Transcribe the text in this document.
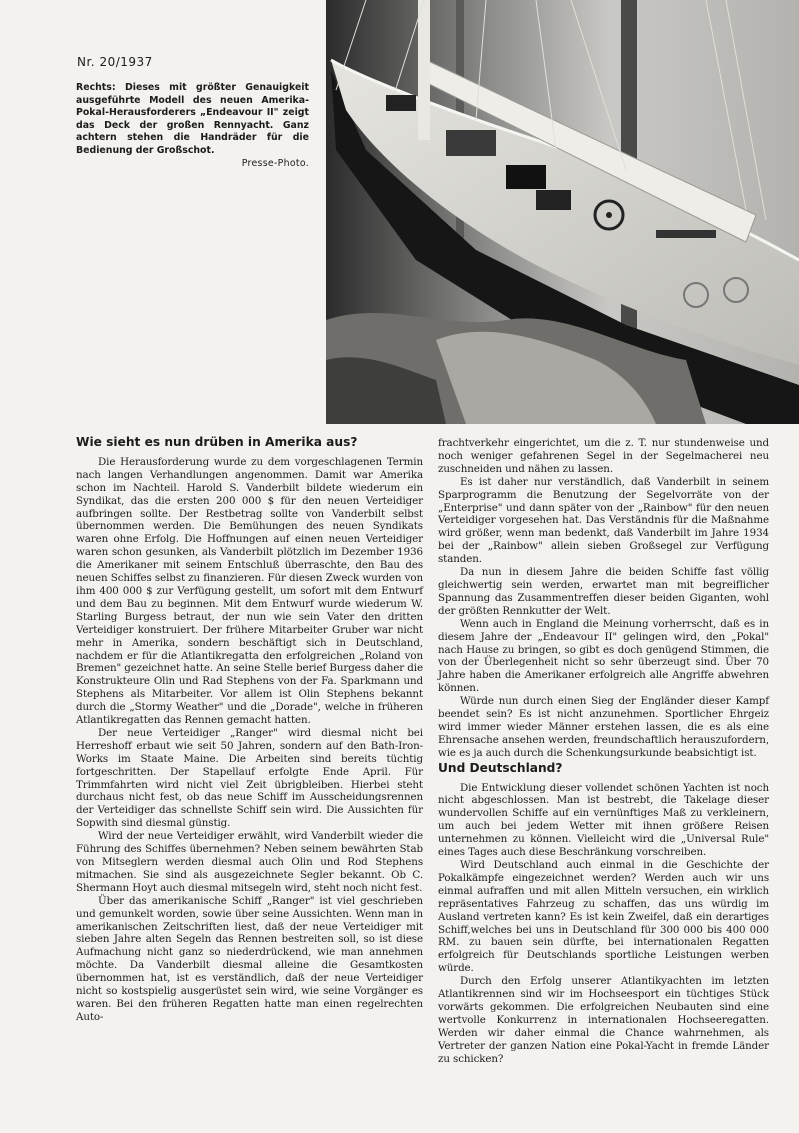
Nr. 20/1937
Rechts: Dieses mit größter Genauigkeit ausgeführte Modell des neuen Amerika-Pokal-Herausforderers „Endeavour II" zeigt das Deck der großen Rennyacht. Ganz achtern stehen die Handräder für die Bedienung der Großschot.
Presse-Photo.
Wie sieht es nun drüben in Amerika aus?

Die Herausforderung wurde zu dem vorgeschlagenen Termin nach langen Verhandlungen angenommen. Damit war Amerika schon im Nachteil. Harold S. Vanderbilt bildete wiederum ein Syndikat, das die ersten 200 000 $ für den neuen Verteidiger aufbringen sollte. Der Restbetrag sollte von Vanderbilt selbst übernommen werden. Die Bemühungen des neuen Syndikats waren ohne Erfolg. Die Hoffnungen auf einen neuen Verteidiger waren schon gesunken, als Vanderbilt plötzlich im Dezember 1936 die Amerikaner mit seinem Entschluß überraschte, den Bau des neuen Schiffes selbst zu finanzieren. Für diesen Zweck wurden von ihm 400 000 $ zur Verfügung gestellt, um sofort mit dem Entwurf und dem Bau zu beginnen. Mit dem Entwurf wurde wiederum W. Starling Burgess betraut, der nun wie sein Vater den dritten Verteidiger konstruiert. Der frühere Mitarbeiter Gruber war nicht mehr in Amerika, sondern beschäftigt sich in Deutschland, nachdem er für die Atlantikregatta den erfolgreichen „Roland von Bremen" gezeichnet hatte. An seine Stelle berief Burgess daher die Konstrukteure Olin und Rad Stephens von der Fa. Sparkmann und Stephens als Mitarbeiter. Vor allem ist Olin Stephens bekannt durch die „Stormy Weather" und die „Dorade", welche in früheren Atlantikregatten das Rennen gemacht hatten.

Der neue Verteidiger „Ranger" wird diesmal nicht bei Herreshoff erbaut wie seit 50 Jahren, sondern auf den Bath-Iron-Works im Staate Maine. Die Arbeiten sind bereits tüchtig fortgeschritten. Der Stapellauf erfolgte Ende April. Für Trimmfahrten wird nicht viel Zeit übrigbleiben. Hierbei steht durchaus nicht fest, ob das neue Schiff im Ausscheidungsrennen der Verteidiger das schnellste Schiff sein wird. Die Aussichten für Sopwith sind diesmal günstig.

Wird der neue Verteidiger erwählt, wird Vanderbilt wieder die Führung des Schiffes übernehmen? Neben seinem bewährten Stab von Mitseglern werden diesmal auch Olin und Rod Stephens mitmachen. Sie sind als ausgezeichnete Segler bekannt. Ob C. Shermann Hoyt auch diesmal mitsegeln wird, steht noch nicht fest.

Über das amerikanische Schiff „Ranger" ist viel geschrieben und gemunkelt worden, sowie über seine Aussichten. Wenn man in amerikanischen Zeitschriften liest, daß der neue Verteidiger mit sieben Jahre alten Segeln das Rennen bestreiten soll, so ist diese Aufmachung nicht ganz so niederdrückend, wie man annehmen möchte. Da Vanderbilt diesmal alleine die Gesamtkosten übernommen hat, ist es verständlich, daß der neue Verteidiger nicht so kostspielig ausgerüstet sein wird, wie seine Vorgänger es waren. Bei den früheren Regatten hatte man einen regelrechten Auto-

frachtverkehr eingerichtet, um die z. T. nur stundenweise und noch weniger gefahrenen Segel in der Segelmacherei neu zuschneiden und nähen zu lassen.

Es ist daher nur verständlich, daß Vanderbilt in seinem Sparprogramm die Benutzung der Segelvorräte von der „Enterprise" und dann später von der „Rainbow" für den neuen Verteidiger vorgesehen hat. Das Verständnis für die Maßnahme wird größer, wenn man bedenkt, daß Vanderbilt im Jahre 1934 bei der „Rainbow" allein sieben Großsegel zur Verfügung standen.

Da nun in diesem Jahre die beiden Schiffe fast völlig gleichwertig sein werden, erwartet man mit begreiflicher Spannung das Zusammentreffen dieser beiden Giganten, wohl der größten Rennkutter der Welt.

Wenn auch in England die Meinung vorherrscht, daß es in diesem Jahre der „Endeavour II" gelingen wird, den „Pokal" nach Hause zu bringen, so gibt es doch genügend Stimmen, die von der Überlegenheit nicht so sehr überzeugt sind. Über 70 Jahre haben die Amerikaner erfolgreich alle Angriffe abwehren können.

Würde nun durch einen Sieg der Engländer dieser Kampf beendet sein? Es ist nicht anzunehmen. Sportlicher Ehrgeiz wird immer wieder Männer erstehen lassen, die es als eine Ehrensache ansehen werden, freundschaftlich herauszufordern, wie es ja auch durch die Schenkungsurkunde beabsichtigt ist.

Und Deutschland?

Die Entwicklung dieser vollendet schönen Yachten ist noch nicht abgeschlossen. Man ist bestrebt, die Takelage dieser wundervollen Schiffe auf ein vernünftiges Maß zu verkleinern, um auch bei jedem Wetter mit ihnen größere Reisen unternehmen zu können. Vielleicht wird die „Universal Rule" eines Tages auch diese Beschränkung vorschreiben.

Wird Deutschland auch einmal in die Geschichte der Pokalkämpfe eingezeichnet werden? Werden auch wir uns einmal aufraffen und mit allen Mitteln versuchen, ein wirklich repräsentatives Fahrzeug zu schaffen, das uns würdig im Ausland vertreten kann? Es ist kein Zweifel, daß ein derartiges Schiff,welches bei uns in Deutschland für 300 000 bis 400 000 RM. zu bauen sein dürfte, bei internationalen Regatten erfolgreich für Deutschlands sportliche Leistungen werben würde.

Durch den Erfolg unserer Atlantikyachten im letzten Atlantikrennen sind wir im Hochseesport ein tüchtiges Stück vorwärts gekommen. Die erfolgreichen Neubauten sind eine wertvolle Konkurrenz in internationalen Hochseeregatten. Werden wir daher einmal die Chance wahrnehmen, als Vertreter der ganzen Nation eine Pokal-Yacht in fremde Länder zu schicken?
